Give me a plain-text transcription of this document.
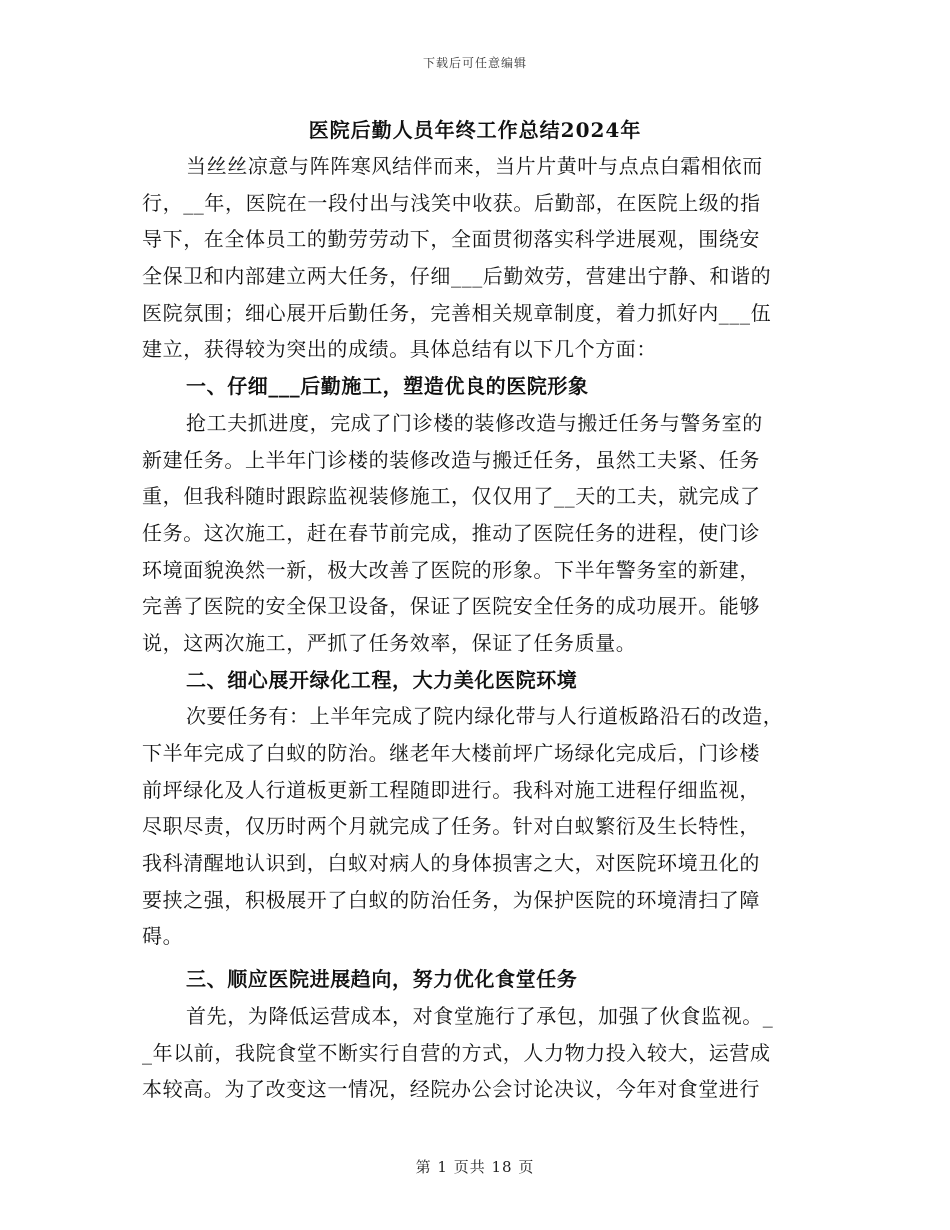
下载后可任意编辑
医院后勤人员年终工作总结2024年
当丝丝凉意与阵阵寒风结伴而来，当片片黄叶与点点白霜相依而
行，__年，医院在一段付出与浅笑中收获。后勤部，在医院上级的指
导下，在全体员工的勤劳劳动下，全面贯彻落实科学进展观，围绕安
全保卫和内部建立两大任务，仔细___后勤效劳，营建出宁静、和谐的
医院氛围；细心展开后勤任务，完善相关规章制度，着力抓好内___伍
建立，获得较为突出的成绩。具体总结有以下几个方面：
一、仔细___后勤施工，塑造优良的医院形象
抢工夫抓进度，完成了门诊楼的装修改造与搬迁任务与警务室的
新建任务。上半年门诊楼的装修改造与搬迁任务，虽然工夫紧、任务
重，但我科随时跟踪监视装修施工，仅仅用了__天的工夫，就完成了
任务。这次施工，赶在春节前完成，推动了医院任务的进程，使门诊
环境面貌涣然一新，极大改善了医院的形象。下半年警务室的新建，
完善了医院的安全保卫设备，保证了医院安全任务的成功展开。能够
说，这两次施工，严抓了任务效率，保证了任务质量。
二、细心展开绿化工程，大力美化医院环境
次要任务有：上半年完成了院内绿化带与人行道板路沿石的改造，
下半年完成了白蚁的防治。继老年大楼前坪广场绿化完成后，门诊楼
前坪绿化及人行道板更新工程随即进行。我科对施工进程仔细监视，
尽职尽责，仅历时两个月就完成了任务。针对白蚁繁衍及生长特性，
我科清醒地认识到，白蚁对病人的身体损害之大，对医院环境丑化的
要挟之强，积极展开了白蚁的防治任务，为保护医院的环境清扫了障
碍。
三、顺应医院进展趋向，努力优化食堂任务
首先，为降低运营成本，对食堂施行了承包，加强了伙食监视。_
_年以前，我院食堂不断实行自营的方式，人力物力投入较大，运营成
本较高。为了改变这一情况，经院办公会讨论决议，今年对食堂进行
第 1 页共 18 页
